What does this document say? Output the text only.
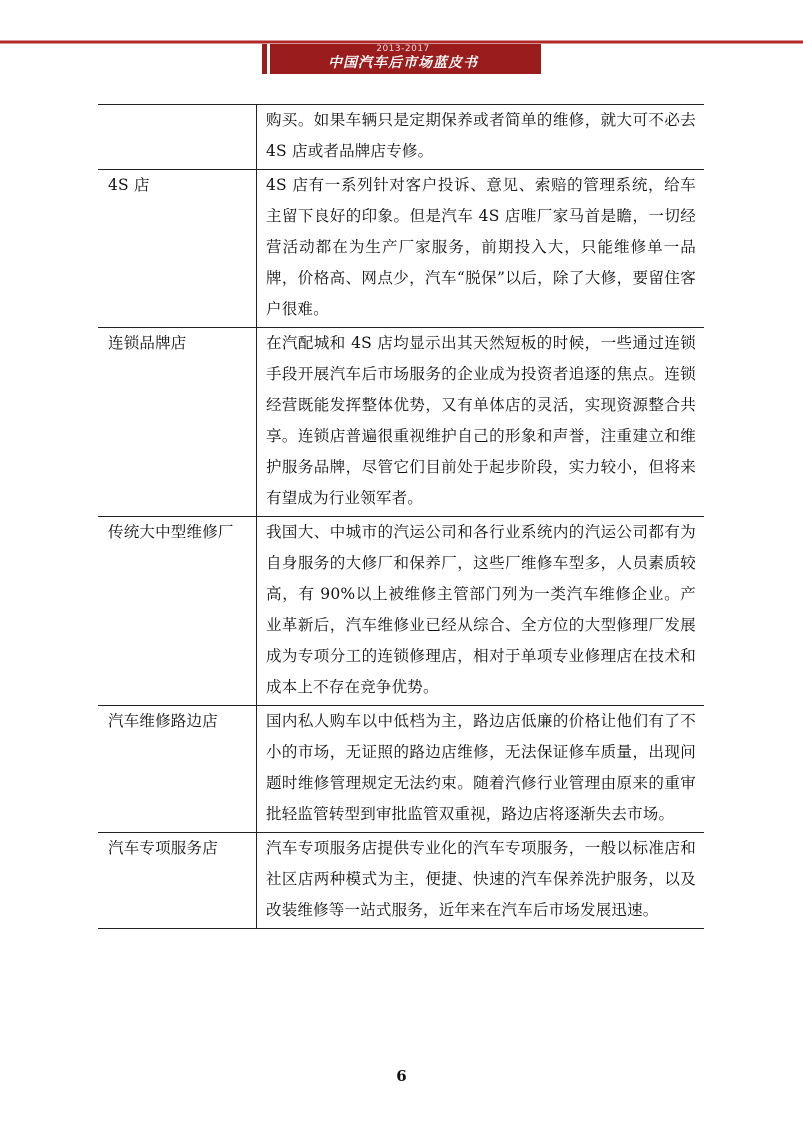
2013-2017
中国汽车后市场蓝皮书
	购买。如果车辆只是定期保养或者简单的维修，就大可不必去 4S 店或者品牌店专修。
4S 店	4S 店有一系列针对客户投诉、意见、索赔的管理系统，给车主留下良好的印象。但是汽车 4S 店唯厂家马首是瞻，一切经营活动都在为生产厂家服务，前期投入大，只能维修单一品牌，价格高、网点少，汽车“脱保”以后，除了大修，要留住客户很难。
连锁品牌店	在汽配城和 4S 店均显示出其天然短板的时候，一些通过连锁手段开展汽车后市场服务的企业成为投资者追逐的焦点。连锁经营既能发挥整体优势，又有单体店的灵活，实现资源整合共享。连锁店普遍很重视维护自己的形象和声誉，注重建立和维护服务品牌，尽管它们目前处于起步阶段，实力较小，但将来有望成为行业领军者。
传统大中型维修厂	我国大、中城市的汽运公司和各行业系统内的汽运公司都有为自身服务的大修厂和保养厂，这些厂维修车型多，人员素质较高，有 90%以上被维修主管部门列为一类汽车维修企业。产业革新后，汽车维修业已经从综合、全方位的大型修理厂发展成为专项分工的连锁修理店，相对于单项专业修理店在技术和成本上不存在竞争优势。
汽车维修路边店	国内私人购车以中低档为主，路边店低廉的价格让他们有了不小的市场，无证照的路边店维修，无法保证修车质量，出现问题时维修管理规定无法约束。随着汽修行业管理由原来的重审批轻监管转型到审批监管双重视，路边店将逐渐失去市场。
汽车专项服务店	汽车专项服务店提供专业化的汽车专项服务，一般以标准店和社区店两种模式为主，便捷、快速的汽车保养洗护服务，以及改装维修等一站式服务，近年来在汽车后市场发展迅速。
6
